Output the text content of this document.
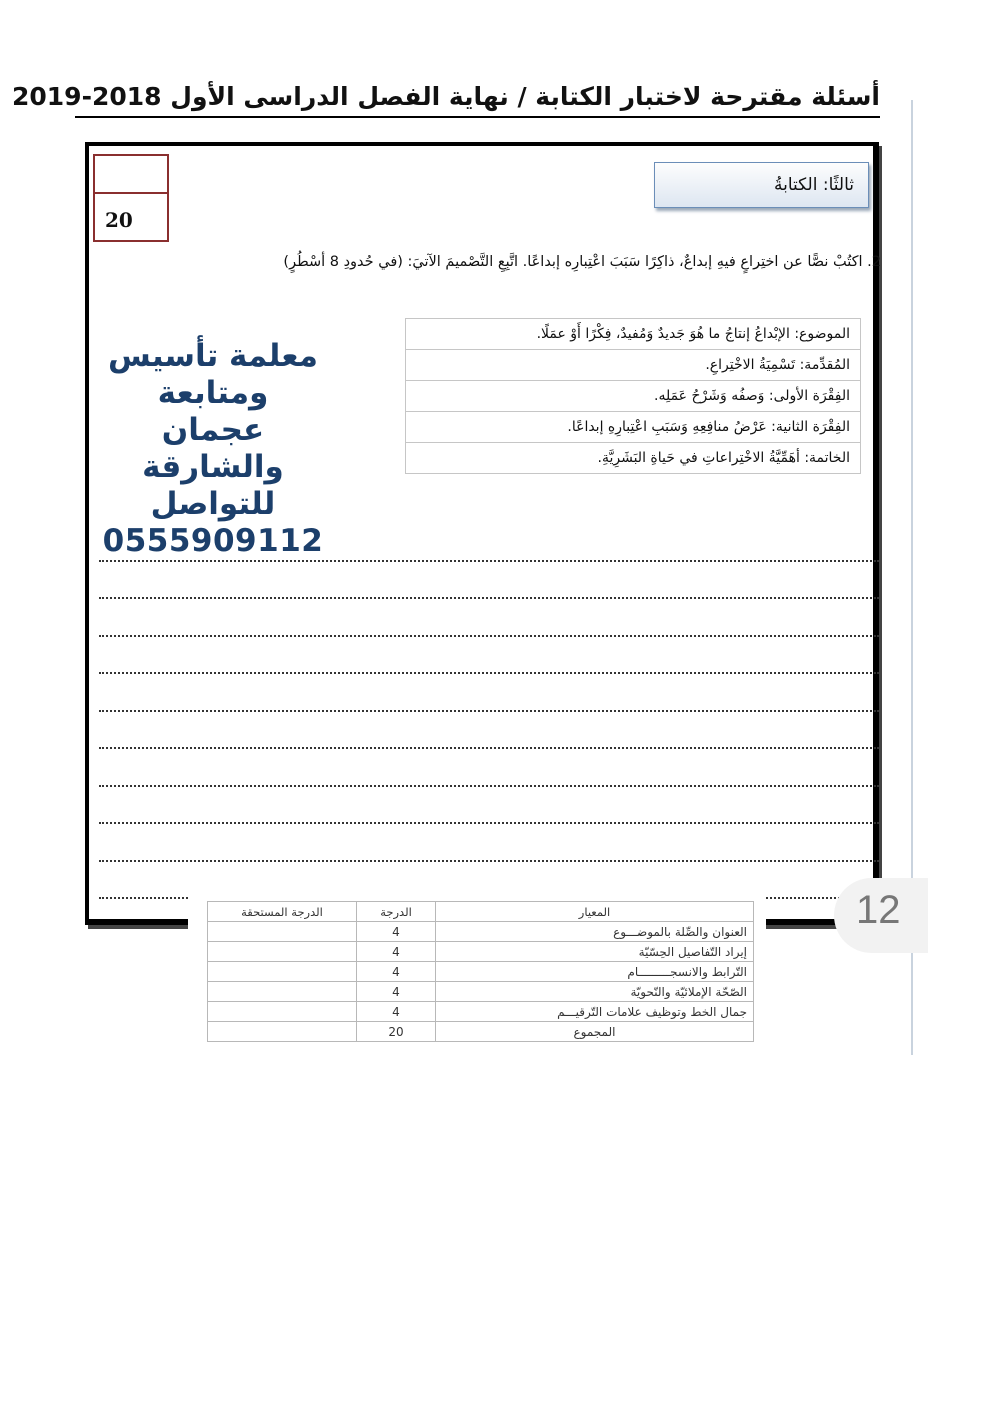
أسئلة مقترحة لاختبار الكتابة / نهاية الفصل الدراسى الأول 2018-2019
20
ثالثًا: الكتابةُ
2. اكتُبْ نصًّا عن اختِراعٍ فيهِ إبداعٌ، ذاكِرًا سَبَبَ اعْتِبارِه إبداعًا. اتَّبِعِ التَّصْميمَ الآتيَ: (في حُدودِ 8 أسْطُرٍ)
الموضوع: الإبْداعُ إنتاجُ ما هُوَ جَديدٌ وَمُفيدٌ، فِكْرًا أَوْ عمَلًا.
المُقدِّمة: تَسْمِيَةُ الاخْتِراعِ.
الفِقْرَة الأولى: وَصفُه وَشَرْحُ عَمَلِه.
الفِقْرَة الثانية: عَرْضُ منافِعِهِ وَسَبَبِ اعْتِبارِهِ إبداعًا.
الخاتمة: أهَمِّيَّةُ الاخْتِراعاتِ في حَياةِ البَشَرِيَّةِ.
معلمة تأسيس
ومتابعة
عجمان والشارقة
للتواصل
0555909112
12
المعيار	الدرجة	الدرجة المستحقة
العنوان والصِّلة بالموضـــوع	4	
إيراد التّفاصيل الحِسّيّة	4	
التّرابط والانسجـــــــــام	4	
الصّحّة الإملائيّة والنّحويّة	4	
جمال الخط وتوظيف علامات التّرقيـــم	4	
المجموع	20	
